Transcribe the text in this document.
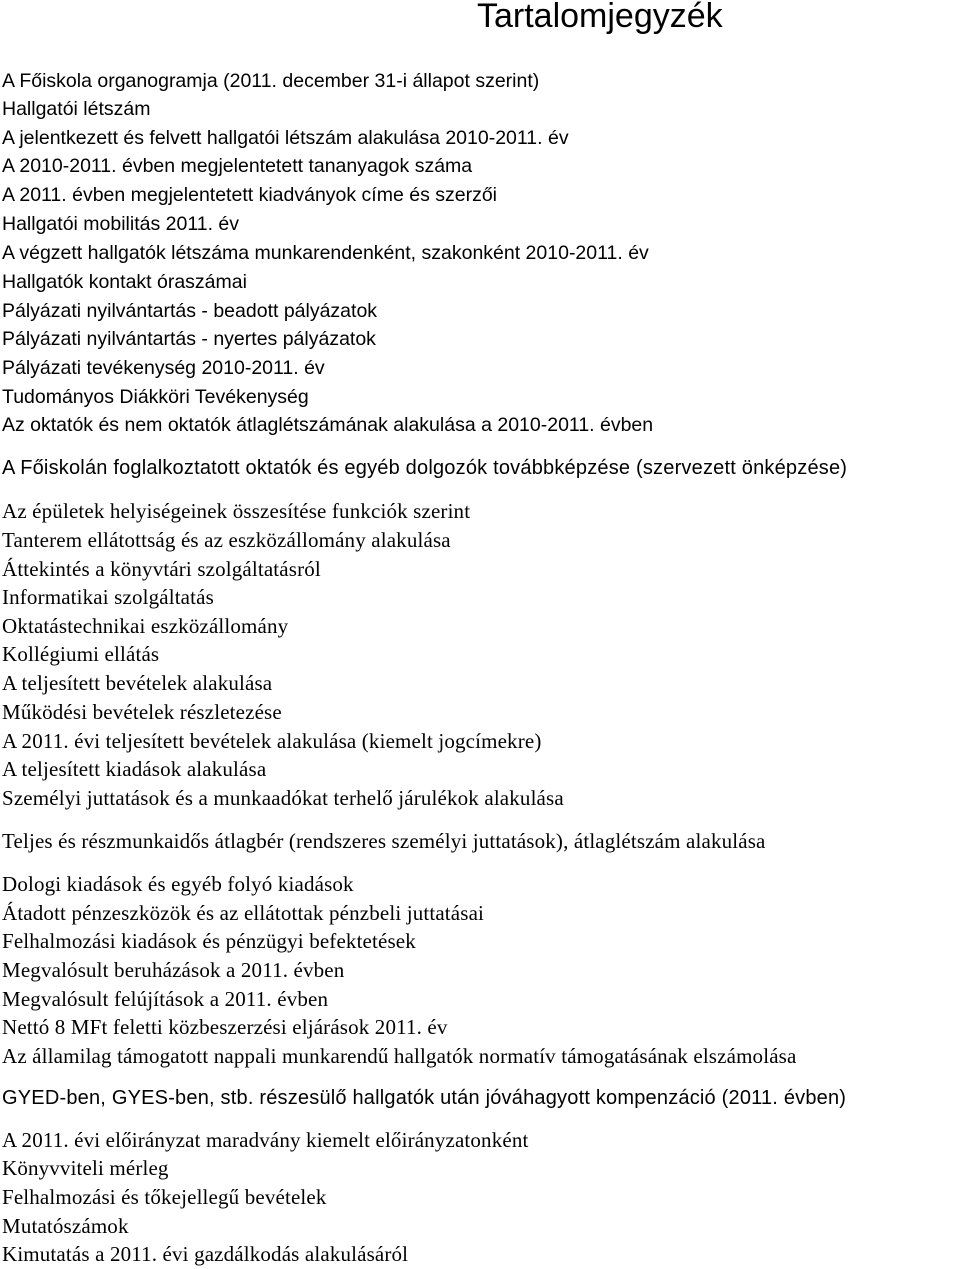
Tartalomjegyzék
A Főiskola organogramja (2011. december 31-i állapot szerint)
Hallgatói létszám
A jelentkezett és felvett hallgatói létszám alakulása 2010-2011. év
A 2010-2011. évben megjelentetett tananyagok száma
A 2011. évben megjelentetett kiadványok címe és szerzői
Hallgatói mobilitás 2011. év
A végzett hallgatók létszáma munkarendenként, szakonként 2010-2011. év
Hallgatók kontakt óraszámai
Pályázati nyilvántartás - beadott pályázatok
Pályázati nyilvántartás - nyertes pályázatok
Pályázati tevékenység 2010-2011. év
Tudományos Diákköri Tevékenység
Az oktatók és nem oktatók átlaglétszámának alakulása a 2010-2011. évben
A Főiskolán foglalkoztatott oktatók és egyéb dolgozók továbbképzése (szervezett önképzése)
Az épületek helyiségeinek összesítése funkciók szerint
Tanterem ellátottság és az eszközállomány alakulása
Áttekintés a könyvtári szolgáltatásról
Informatikai szolgáltatás
Oktatástechnikai eszközállomány
Kollégiumi ellátás
A teljesített bevételek alakulása
Működési bevételek részletezése
A 2011. évi teljesített bevételek alakulása (kiemelt jogcímekre)
A teljesített kiadások alakulása
Személyi juttatások és a munkaadókat terhelő járulékok alakulása
Teljes és részmunkaidős átlagbér (rendszeres személyi juttatások), átlaglétszám alakulása
Dologi kiadások és egyéb folyó kiadások
Átadott pénzeszközök és az ellátottak pénzbeli juttatásai
Felhalmozási kiadások és pénzügyi befektetések
Megvalósult beruházások a 2011. évben
Megvalósult felújítások a 2011. évben
Nettó 8 MFt feletti közbeszerzési eljárások 2011. év
Az államilag támogatott nappali munkarendű hallgatók normatív támogatásának elszámolása
GYED-ben, GYES-ben, stb. részesülő hallgatók után jóváhagyott kompenzáció (2011. évben)
A 2011. évi előirányzat maradvány kiemelt előirányzatonként
Könyvviteli mérleg
Felhalmozási és tőkejellegű bevételek
Mutatószámok
Kimutatás a 2011. évi gazdálkodás alakulásáról
